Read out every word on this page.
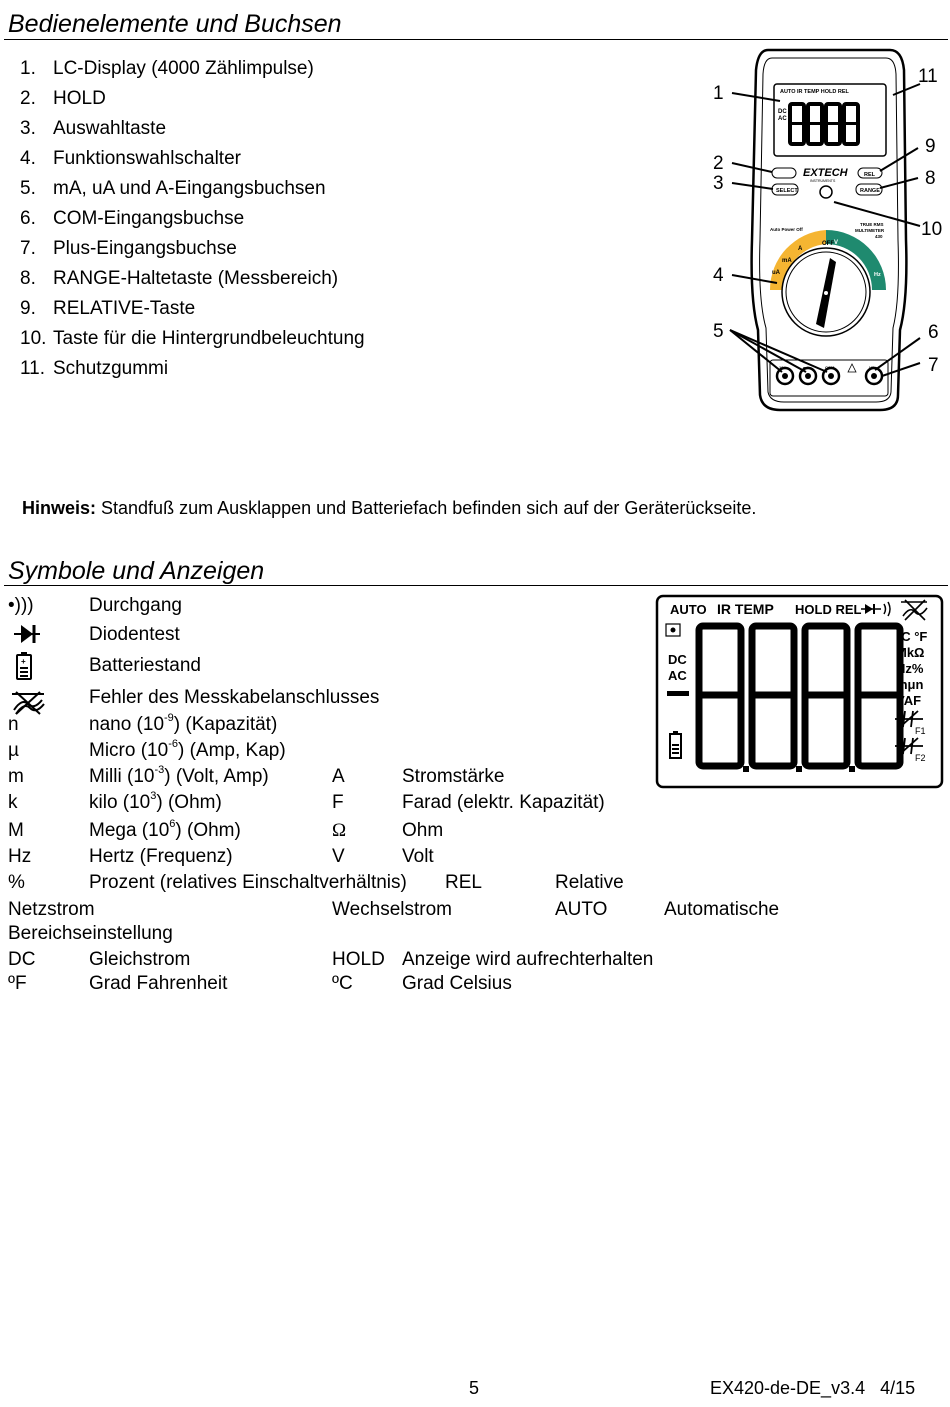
Bedienelemente und Buchsen
1. LC-Display (4000 Zählimpulse)
2. HOLD
3. Auswahltaste
4. Funktionswahlschalter
5. mA, uA und A-Eingangsbuchsen
6. COM-Eingangsbuchse
7. Plus-Eingangsbuchse
8. RANGE-Haltetaste (Messbereich)
9. RELATIVE-Taste
10. Taste für die Hintergrundbeleuchtung
11. Schutzgummi
AUTO IR TEMP HOLD REL
DC
AC
SELECT
REL
RANGE
EXTECH
INSTRUMENTS
TRUE RMS
MULTIMETER
430
Auto Power Off
OFF V
A
mA
uA	Hz
F
10A	mA	COM	VΩ
1
2
3
4
5	6
7
8
9
10
11
Hinweis: Standfuß zum Ausklappen und Batteriefach befinden sich auf der Geräterückseite.
Symbole und Anzeigen
•)))	Durchgang
Diodentest
+	Batteriestand
Fehler des Messkabelanschlusses
n	nano $(10^{-9})$ (Kapazität)
µ	Micro $(10^{-6})$ (Amp, Kap)
m	Milli $(10^{-3})$ (Volt, Amp)	A	Stromstärke
k	kilo $(10^3)$ (Ohm)	F	Farad (elektr. Kapazität)
M	Mega $(10^6)$ (Ohm)	Ω	Ohm
Hz	Hertz (Frequenz)	V	Volt
%	Prozent (relatives Einschaltverhältnis) REL	Relative
Netzstrom	Wechselstrom	AUTO	Automatische
Bereichseinstellung
DC	Gleichstrom	HOLD Anzeige wird aufrechterhalten
ºF	Grad Fahrenheit	ºC	Grad Celsius
AUTO IR TEMP HOLD REL
DC
AC
°C °F
MkΩ
Hz%
mμn
VAF
F1
F2
5	EX420-de-DE_v3.4   4/15
